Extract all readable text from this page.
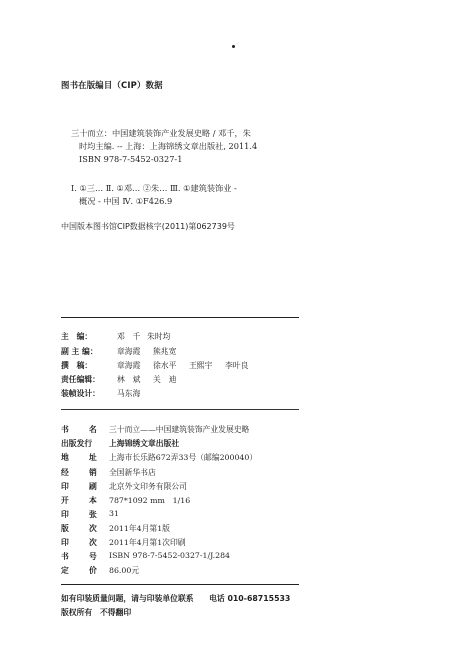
图书在版编目（CIP）数据
三十而立：中国建筑装饰产业发展史略 / 邓千，朱
时均主编. -- 上海：上海锦绣文章出版社, 2011.4
ISBN 978-7-5452-0327-1
Ⅰ. ①三… Ⅱ. ①邓… ②朱… Ⅲ. ①建筑装饰业 -
概况 - 中国 Ⅳ. ①F426.9
中国版本图书馆CIP数据核字(2011)第062739号
主　编：	邓　千 朱时均
副 主 编： 章海霞 熊兆宽
撰　稿：	章海霞 徐水平 王熙宇 李叶良
责任编辑： 林　斌 关　迪
装帧设计： 马东海
书	名 三十而立——中国建筑装饰产业发展史略
出版发行 上海锦绣文章出版社
地	址 上海市长乐路672弄33号（邮编200040）
经	销 全国新华书店
印	刷 北京外文印务有限公司
开	本 787*1092 mm　1/16
印	张 31
版	次 2011年4月第1版
印	次 2011年4月第1次印刷
书	号 ISBN 978-7-5452-0327-1/J.284
定	价 86.00元
如有印装质量问题，请与印装单位联系　　电话 010-68715533
版权所有　不得翻印
